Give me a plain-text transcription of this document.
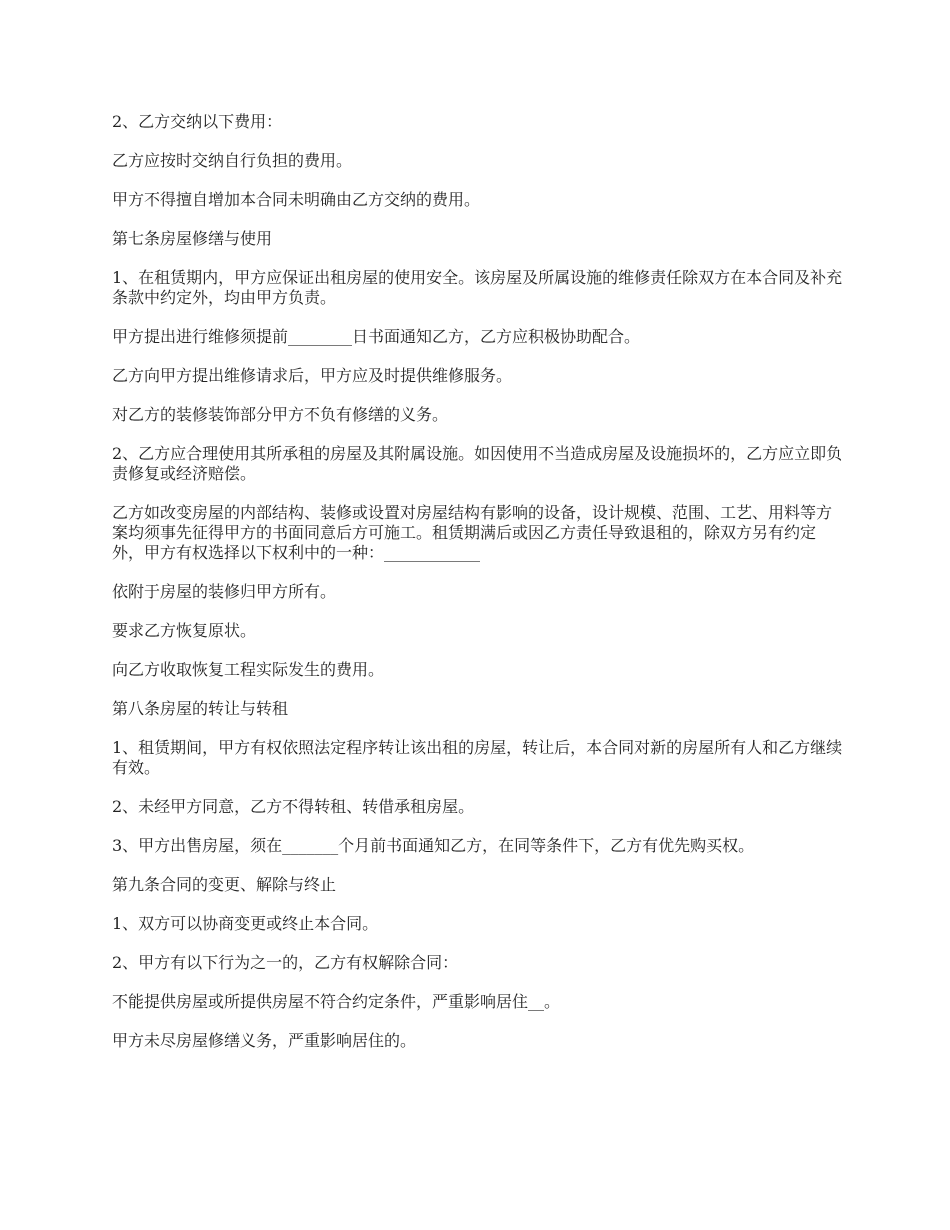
2、乙方交纳以下费用：

乙方应按时交纳自行负担的费用。

甲方不得擅自增加本合同未明确由乙方交纳的费用。

第七条房屋修缮与使用

1、在租赁期内，甲方应保证出租房屋的使用安全。该房屋及所属设施的维修责任除双方在本合同及补充条款中约定外，均由甲方负责。

甲方提出进行维修须提前________日书面通知乙方，乙方应积极协助配合。

乙方向甲方提出维修请求后，甲方应及时提供维修服务。

对乙方的装修装饰部分甲方不负有修缮的义务。

2、乙方应合理使用其所承租的房屋及其附属设施。如因使用不当造成房屋及设施损坏的，乙方应立即负责修复或经济赔偿。

乙方如改变房屋的内部结构、装修或设置对房屋结构有影响的设备，设计规模、范围、工艺、用料等方案均须事先征得甲方的书面同意后方可施工。租赁期满后或因乙方责任导致退租的，除双方另有约定外，甲方有权选择以下权利中的一种：____________

依附于房屋的装修归甲方所有。

要求乙方恢复原状。

向乙方收取恢复工程实际发生的费用。

第八条房屋的转让与转租

1、租赁期间，甲方有权依照法定程序转让该出租的房屋，转让后，本合同对新的房屋所有人和乙方继续有效。

2、未经甲方同意，乙方不得转租、转借承租房屋。

3、甲方出售房屋，须在_______个月前书面通知乙方，在同等条件下，乙方有优先购买权。

第九条合同的变更、解除与终止

1、双方可以协商变更或终止本合同。

2、甲方有以下行为之一的，乙方有权解除合同：

不能提供房屋或所提供房屋不符合约定条件，严重影响居住__。

甲方未尽房屋修缮义务，严重影响居住的。
